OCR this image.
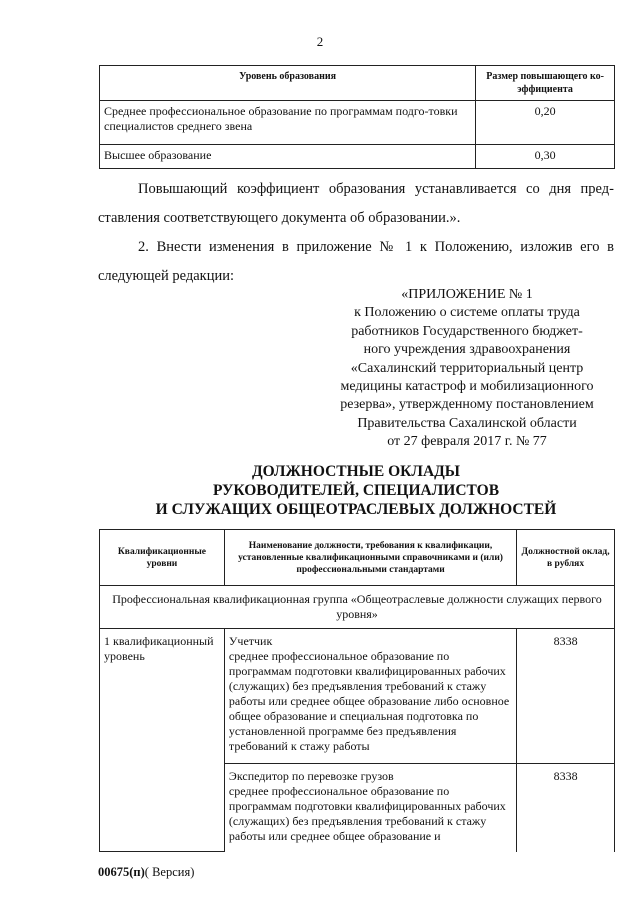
2
Уровень образования	Размер повышающего ко-эффициента
Среднее профессиональное образование по программам подго-товки специалистов среднего звена	0,20
Высшее образование	0,30
Повышающий коэффициент образования устанавливается со дня пред-ставления соответствующего документа об образовании.».
2. Внести изменения в приложение № 1 к Положению, изложив его в следующей редакции:
«ПРИЛОЖЕНИЕ № 1
к Положению о системе оплаты труда
работников Государственного бюджет-
ного учреждения здравоохранения
«Сахалинский территориальный центр
медицины катастроф и мобилизационного
резерва», утвержденному постановлением
Правительства Сахалинской области
от 27 февраля 2017 г. № 77
ДОЛЖНОСТНЫЕ ОКЛАДЫ
РУКОВОДИТЕЛЕЙ, СПЕЦИАЛИСТОВ
И СЛУЖАЩИХ ОБЩЕОТРАСЛЕВЫХ ДОЛЖНОСТЕЙ
Квалификационные уровни	Наименование должности, требования к квалификации, установленные квалификационными справочниками и (или) профессиональными стандартами	Должностной оклад, в рублях
Профессиональная квалификационная группа «Общеотраслевые должности служащих первого уровня»		
1 квалификационный уровень	Учетчик
среднее профессиональное образование по программам подготовки квалифицированных рабочих (служащих) без предъявления требований к стажу работы или среднее общее образование либо основное общее образование и специальная подготовка по установленной программе без предъявления требований к стажу работы	8338

	Экспедитор по перевозке грузов
среднее профессиональное образование по программам подготовки квалифицированных рабочих (служащих) без предъявления требований к стажу работы или среднее общее образование и	8338
00675(п)( Версия)
